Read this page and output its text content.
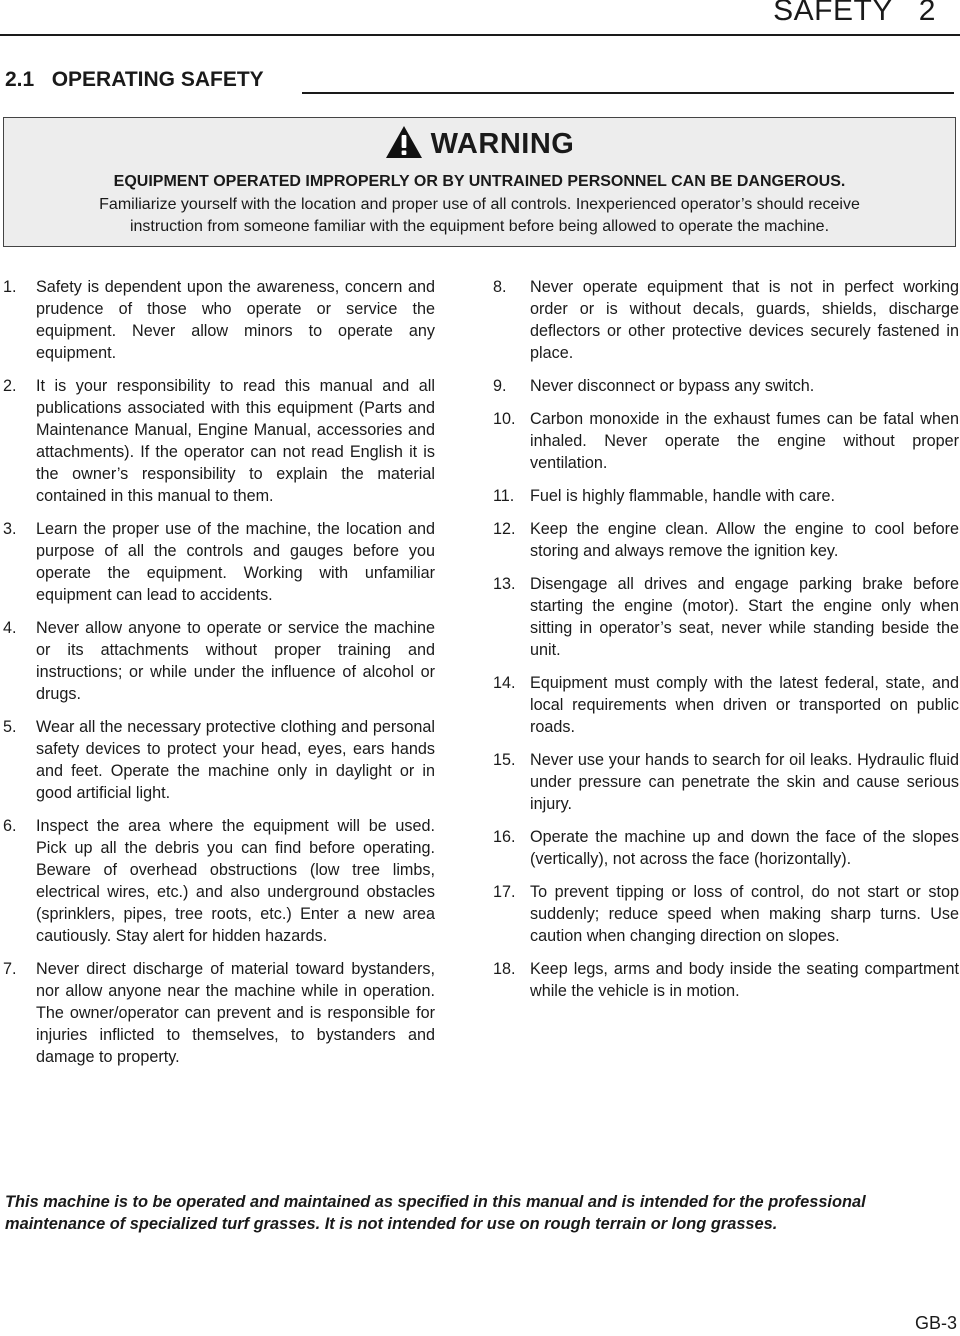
SAFETY   2
2.1   OPERATING SAFETY
WARNING
EQUIPMENT OPERATED IMPROPERLY OR BY UNTRAINED PERSONNEL CAN BE DANGEROUS.
Familiarize yourself with the location and proper use of all controls. Inexperienced operator’s should receive
instruction from someone familiar with the equipment before being allowed to operate the machine.
1.	Safety is dependent upon the awareness, concern and prudence of those who operate or service the equipment. Never allow minors to operate any equipment.
2.	It is your responsibility to read this manual and all publications associated with this equipment (Parts and Maintenance Manual, Engine Manual, accessories and attachments). If the operator can not read English it is the owner’s responsibility to explain the material contained in this manual to them.
3.	Learn the proper use of the machine, the location and purpose of all the controls and gauges before you operate the equipment. Working with unfamiliar equipment can lead to accidents.
4.	Never allow anyone to operate or service the machine or its attachments without proper training and instructions; or while under the influence of alcohol or drugs.
5.	Wear all the necessary protective clothing and personal safety devices to protect your head, eyes, ears hands and feet. Operate the machine only in daylight or in good artificial light.
6.	Inspect the area where the equipment will be used. Pick up all the debris you can find before operating. Beware of overhead obstructions (low tree limbs, electrical wires, etc.) and also underground obstacles (sprinklers, pipes, tree roots, etc.) Enter a new area cautiously. Stay alert for hidden hazards.
7.	Never direct discharge of material toward bystanders, nor allow anyone near the machine while in operation. The owner/operator can prevent and is responsible for injuries inflicted to themselves, to bystanders and damage to property.
8.	Never operate equipment that is not in perfect working order or is without decals, guards, shields, discharge deflectors or other protective devices securely fastened in place.
9.	Never disconnect or bypass any switch.
10. Carbon monoxide in the exhaust fumes can be fatal when inhaled. Never operate the engine without proper ventilation.
11. Fuel is highly flammable, handle with care.
12. Keep the engine clean. Allow the engine to cool before storing and always remove the ignition key.
13. Disengage all drives and engage parking brake before starting the engine (motor). Start the engine only when sitting in operator’s seat, never while standing beside the unit.
14. Equipment must comply with the latest federal, state, and local requirements when driven or transported on public roads.
15. Never use your hands to search for oil leaks. Hydraulic fluid under pressure can penetrate the skin and cause serious injury.
16. Operate the machine up and down the face of the slopes (vertically), not across the face (horizontally).
17. To prevent tipping or loss of control, do not start or stop suddenly; reduce speed when making sharp turns. Use caution when changing direction on slopes.
18. Keep legs, arms and body inside the seating compartment while the vehicle is in motion.
This machine is to be operated and maintained as specified in this manual and is intended for the professional maintenance of specialized turf grasses. It is not intended for use on rough terrain or long grasses.
GB-3
